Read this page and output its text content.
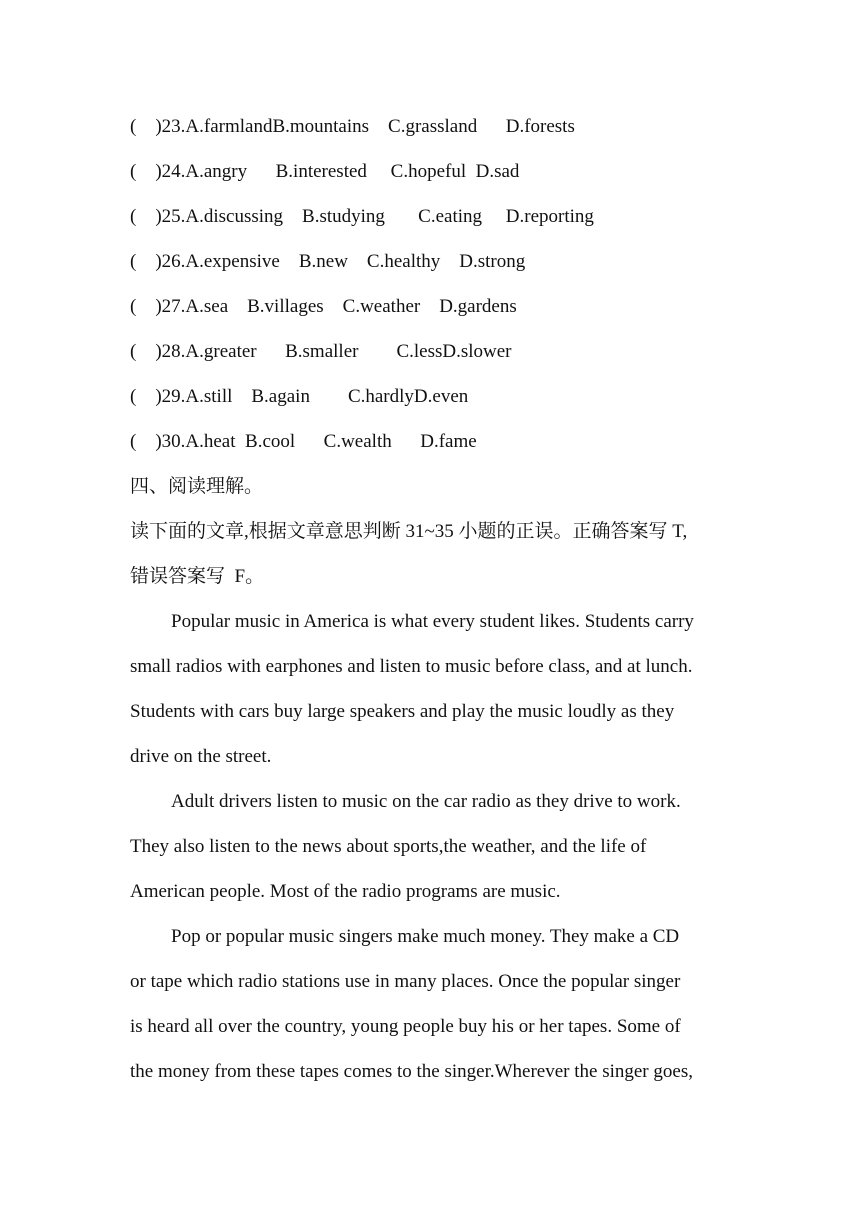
(    )23.A.farmlandB.mountains    C.grassland      D.forests
(    )24.A.angry      B.interested     C.hopeful  D.sad
(    )25.A.discussing    B.studying       C.eating     D.reporting
(    )26.A.expensive    B.new    C.healthy    D.strong
(    )27.A.sea    B.villages    C.weather    D.gardens
(    )28.A.greater      B.smaller        C.lessD.slower
(    )29.A.still    B.again        C.hardlyD.even
(    )30.A.heat  B.cool      C.wealth      D.fame
四、阅读理解。
读下面的文章,根据文章意思判断 31~35 小题的正误。正确答案写 T,
错误答案写  F。
Popular music in America is what every student likes. Students carry
small radios with earphones and listen to music before class, and at lunch.
Students with cars buy large speakers and play the music loudly as they
drive on the street.
Adult drivers listen to music on the car radio as they drive to work.
They also listen to the news about sports,the weather, and the life of
American people. Most of the radio programs are music.
Pop or popular music singers make much money. They make a CD
or tape which radio stations use in many places. Once the popular singer
is heard all over the country, young people buy his or her tapes. Some of
the money from these tapes comes to the singer.Wherever the singer goes,
